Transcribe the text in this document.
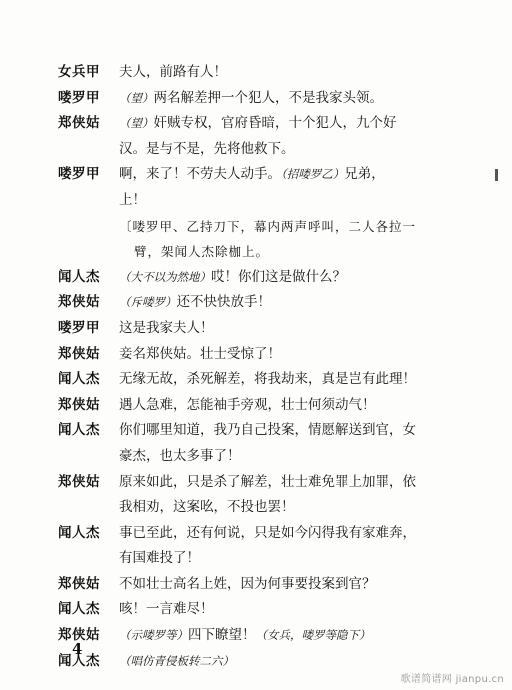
女兵甲	夫人，前路有人！
喽罗甲	（望）两名解差押一个犯人，不是我家头领。
郑侠姑	（望）奸贼专权，官府昏暗，十个犯人，九个好
汉。是与不是，先将他救下。
喽罗甲	啊，来了！不劳夫人动手。（招喽罗乙）兄弟，
上！
〔喽罗甲、乙持刀下，幕内两声呼叫，二人各拉一
臂，架闻人杰除枷上。
闻人杰	（大不以为然地）哎！你们这是做什么？
郑侠姑	（斥喽罗）还不快快放手！
喽罗甲	这是我家夫人！
郑侠姑	妾名郑侠姑。壮士受惊了！
闻人杰	无缘无故，杀死解差，将我劫来，真是岂有此理！
郑侠姑	遇人急难，怎能袖手旁观，壮士何须动气！
闻人杰	你们哪里知道，我乃自己投案，情愿解送到官，女
豪杰，也太多事了！
郑侠姑	原来如此，只是杀了解差，壮士难免罪上加罪，依
我相劝，这案吆，不投也罢！
闻人杰	事已至此，还有何说，只是如今闪得我有家难奔，
有国难投了！
郑侠姑	不如壮士高名上姓，因为何事要投案到官？
闻人杰	咳！一言难尽！
郑侠姑	（示喽罗等）四下瞭望！（女兵，喽罗等隐下）
闻人杰	（唱仿青侵板转二六）
4
歌谱简谱网 jianpu.cn
